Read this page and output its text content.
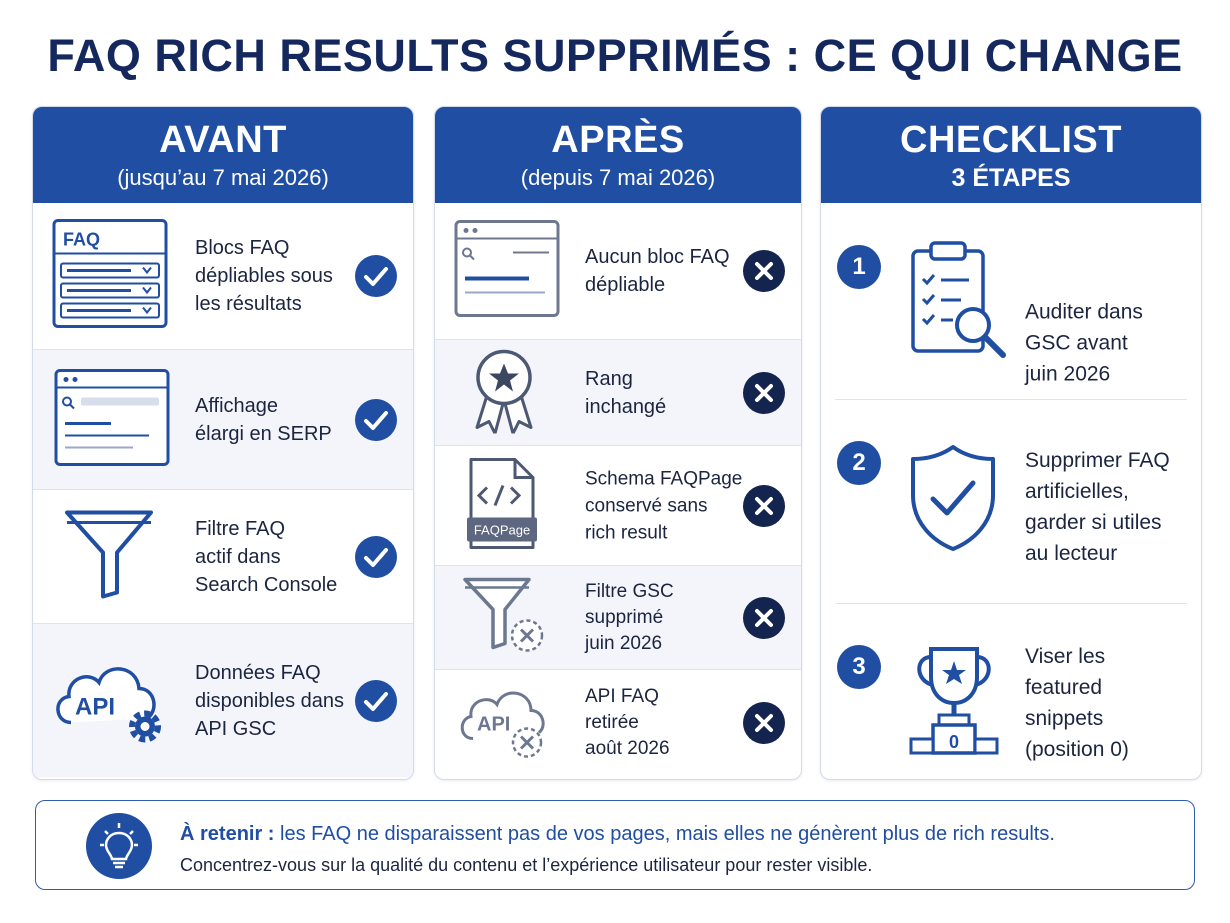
FAQ RICH RESULTS SUPPRIMÉS : CE QUI CHANGE
AVANT
(jusqu’au 7 mai 2026)
FAQ	Blocs FAQ
dépliables sous
les résultats
Affichage
élargi en SERP
Filtre FAQ
actif dans
Search Console
API
Données FAQ
disponibles dans
API GSC
APRÈS
(depuis 7 mai 2026)
Aucun bloc FAQ
dépliable
Rang
inchangé
FAQPage
Schema FAQPage
conservé sans
rich result
Filtre GSC
supprimé
juin 2026
API
API FAQ
retirée
août 2026
CHECKLIST
3 ÉTAPES
1
Auditer dans
GSC avant
juin 2026
2	Supprimer FAQ
artificielles,
garder si utiles
au lecteur
3
0
Viser les
featured
snippets
(position 0)
À retenir : les FAQ ne disparaissent pas de vos pages, mais elles ne génèrent plus de rich results.
Concentrez-vous sur la qualité du contenu et l’expérience utilisateur pour rester visible.
